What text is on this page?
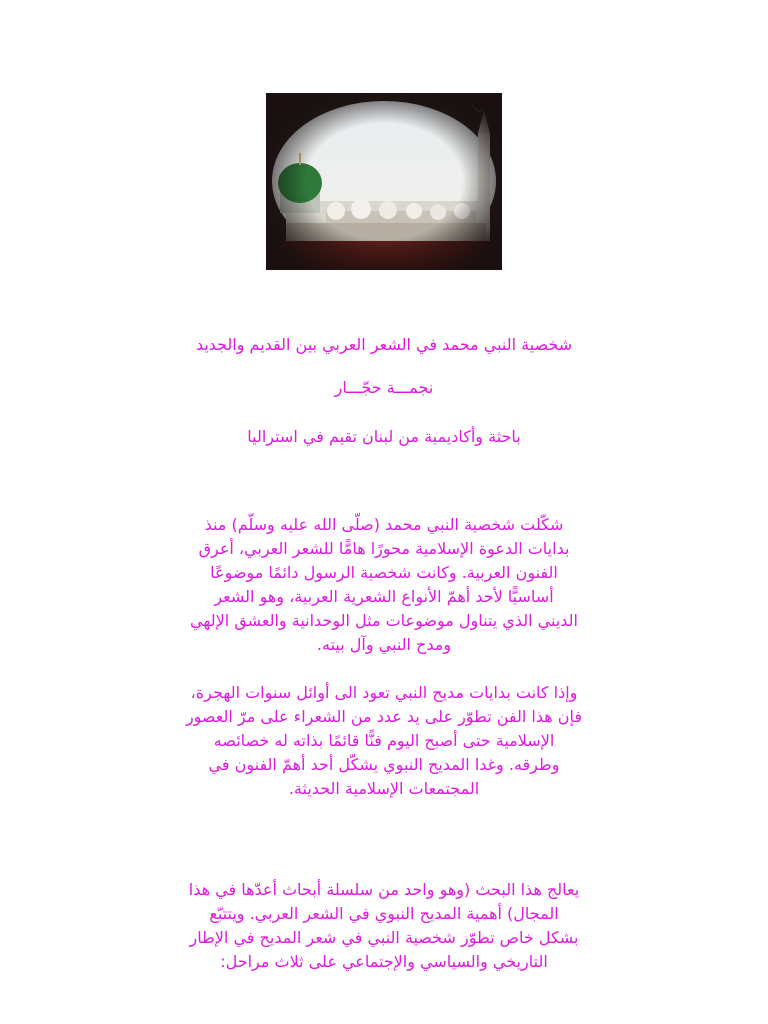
شخصية النبي محمد في الشعر العربي بين القديم والجديد
نجمـــة حجّـــار
باحثة وأكاديمية من لبنان تقيم في استراليا
شكّلت شخصية النبي محمد (صلّى الله عليه وسلّم) منذ
بدايات الدعوة الإسلامية محورًا هامًّا للشعر العربي، أعرق
الفنون العربية. وكانت شخصية الرسول دائمًا موضوعًا
أساسيًّا لأحد أهمّ الأنواع الشعرية العربية، وهو الشعر
الديني الذي يتناول موضوعات مثل الوحدانية والعشق الإلهي
ومدح النبي وآل بيته.
وإذا كانت بدايات مديح النبي تعود الى أوائل سنوات الهجرة،
فإن هذا الفن تطوّر على يد عدد من الشعراء على مرّ العصور
الإسلامية حتى أصبح اليوم فنًّا قائمًا بذاته له خصائصه
وطرقه. وغدا المديح النبوي يشكّل أحد أهمّ الفنون في
المجتمعات الإسلامية الحديثة.
يعالج هذا البحث (وهو واحد من سلسلة أبحاث أعدّها في هذا
المجال) أهمية المديح النبوي في الشعر العربي. ويتتبّع
بشكل خاص تطوّر شخصية النبي في شعر المديح في الإطار
التاريخي والسياسي والإجتماعي على ثلاث مراحل:
